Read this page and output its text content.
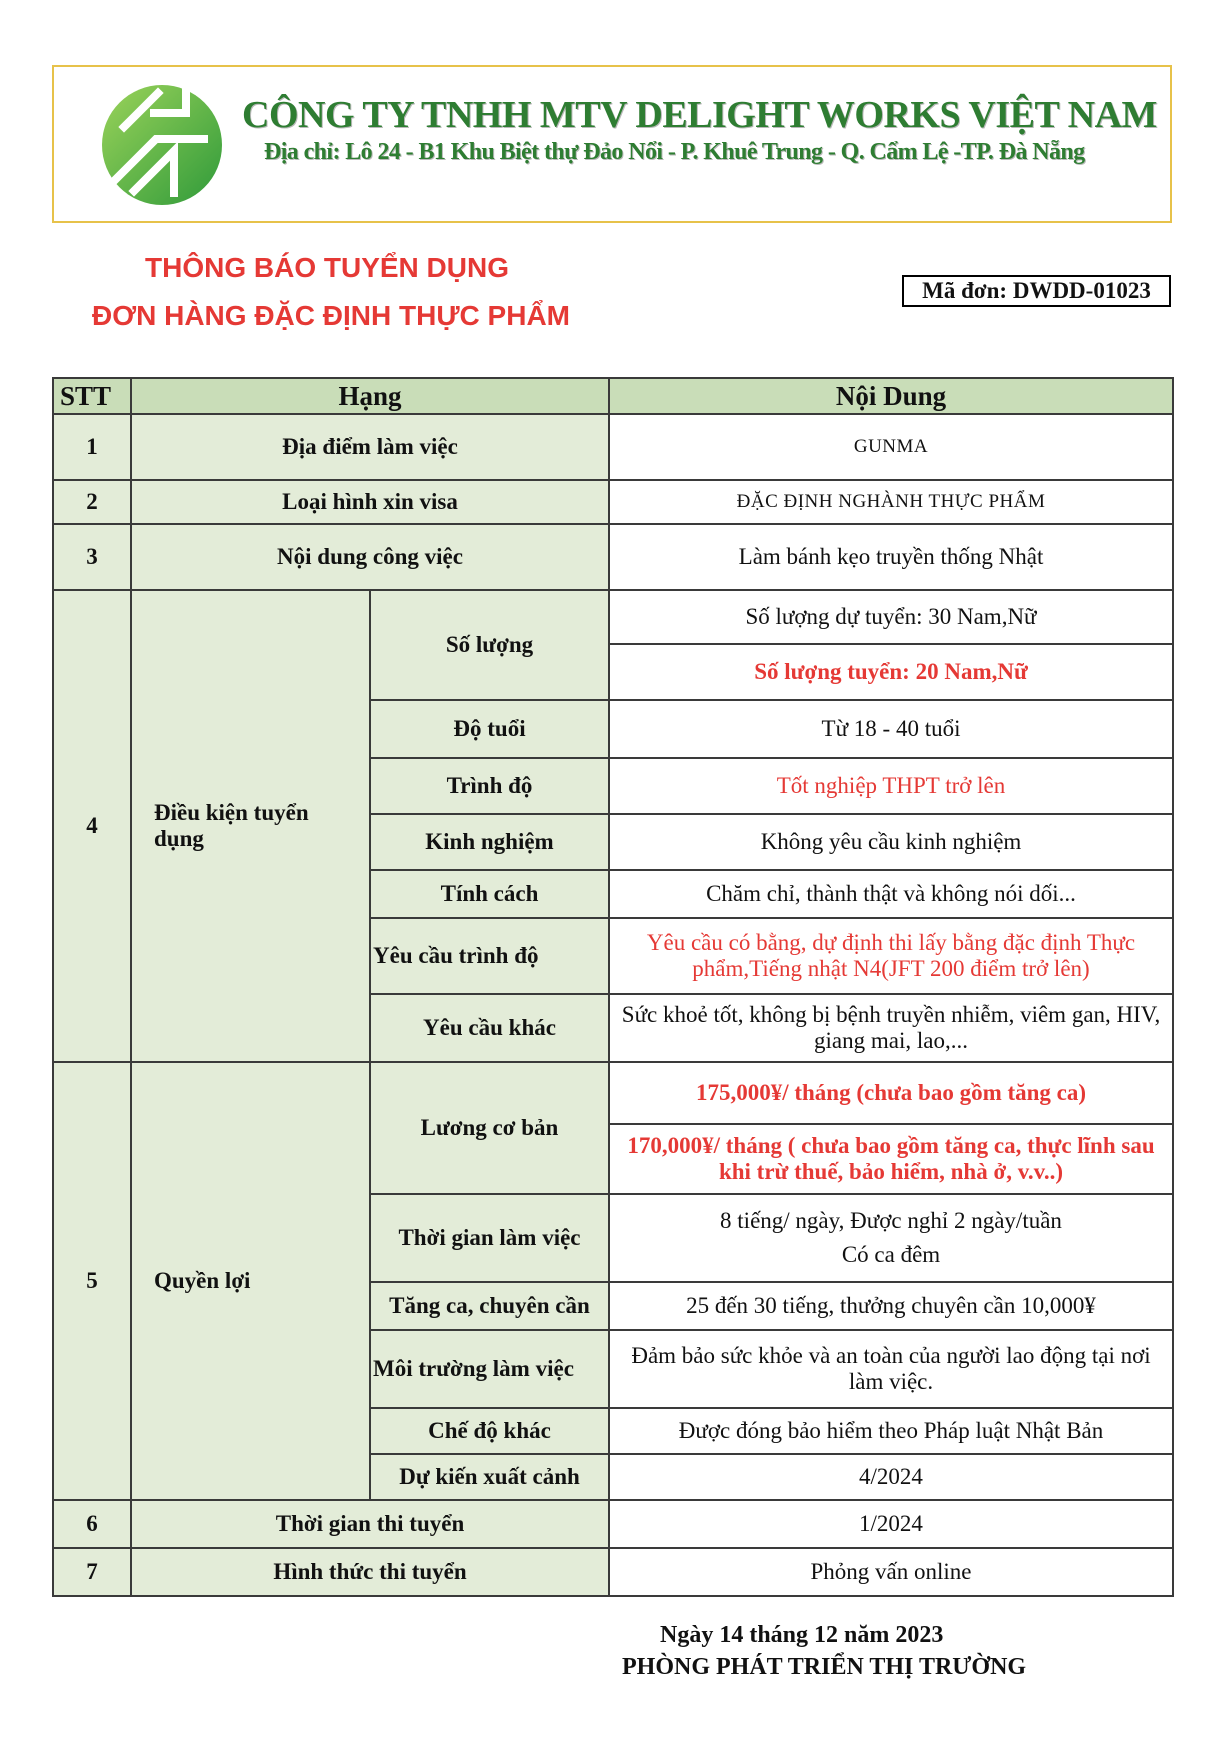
CÔNG TY TNHH MTV DELIGHT WORKS VIỆT NAM
Địa chỉ: Lô 24 - B1 Khu Biệt thự Đảo Nổi - P. Khuê Trung - Q. Cẩm Lệ -TP. Đà Nẵng
THÔNG BÁO TUYỂN DỤNG
ĐƠN HÀNG ĐẶC ĐỊNH THỰC PHẨM
Mã đơn: DWDD-01023
STT	Hạng		Nội Dung
1	Địa điểm làm việc		GUNMA
2	Loại hình xin visa		ĐẶC ĐỊNH NGHÀNH THỰC PHẨM
3	Nội dung công việc		Làm bánh kẹo truyền thống Nhật
4	Điều kiện tuyển dụng	Số lượng	Số lượng dự tuyển: 30 Nam,Nữ
			Số lượng tuyển: 20 Nam,Nữ
		Độ tuổi	Từ 18 - 40 tuổi
		Trình độ	Tốt nghiệp THPT trở lên
		Kinh nghiệm	Không yêu cầu kinh nghiệm
		Tính cách	Chăm chỉ, thành thật và không nói dối...
		Yêu cầu trình độ	Yêu cầu có bằng, dự định thi lấy bằng đặc định Thực phẩm,Tiếng nhật N4(JFT 200 điểm trở lên)
		Yêu cầu khác	Sức khoẻ tốt, không bị bệnh truyền nhiễm, viêm gan, HIV, giang mai, lao,...

5	Quyền lợi	Lương cơ bản	175,000¥/ tháng (chưa bao gồm tăng ca)
			170,000¥/ tháng ( chưa bao gồm tăng ca, thực lĩnh sau khi trừ thuế, bảo hiểm, nhà ở, v.v..)
		Thời gian làm việc	8 tiếng/ ngày, Được nghỉ 2 ngày/tuần
Có ca đêm

		Tăng ca, chuyên cần	25 đến 30 tiếng, thưởng chuyên cần 10,000¥
		Môi trường làm việc	Đảm bảo sức khỏe và an toàn của người lao động tại nơi làm việc.
		Chế độ khác	Được đóng bảo hiểm theo Pháp luật Nhật Bản
		Dự kiến xuất cảnh	4/2024

6	Thời gian thi tuyển		1/2024
7	Hình thức thi tuyển		Phỏng vấn online
Ngày 14 tháng 12 năm 2023
PHÒNG PHÁT TRIỂN THỊ TRƯỜNG
